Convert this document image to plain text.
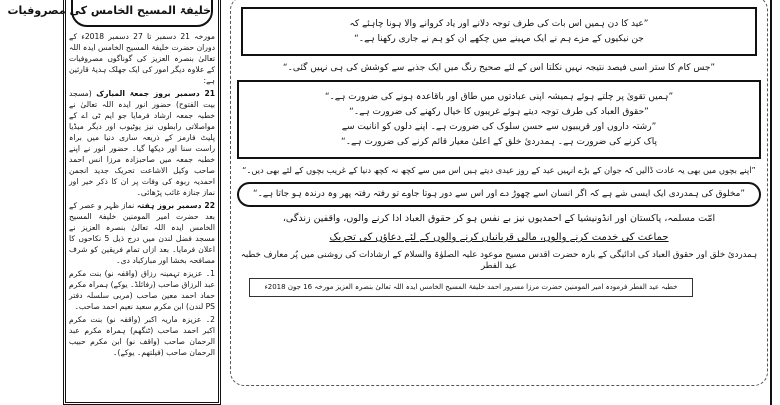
خلیفۃ المسیح الخامس کی مصروفیات

مورخہ 21 دسمبر تا 27 دسمبر 2018ء کے دوران حضرت خلیفۃ المسیح الخامس ایدہ اللہ تعالیٰ بنصرہ العزیز کی گوناگوں مصروفیات کے علاوہ دیگر امور کی ایک جھلک ہدیۂ قارئین ہے:

21 دسمبر بروز جمعۃ المبارک (مسجد بیت الفتوح) حضور انور ایدہ اللہ تعالیٰ نے خطبہ جمعہ ارشاد فرمایا جو ایم ٹی اے کے مواصلاتی رابطوں نیز یوٹیوب اور دیگر میڈیا پلیٹ فارمز کے ذریعہ ساری دنیا میں براہ راست سنا اور دیکھا گیا۔ حضور انور نے اپنے خطبہ جمعہ میں صاحبزادہ مرزا انس احمد صاحب وکیل الاشاعت تحریک جدید انجمن احمدیہ ربوہ کی وفات پر ان کا ذکر خیر اور نماز جنازہ غائب پڑھائی۔

22 دسمبر بروز ہفتہ نماز ظہر و عصر کے بعد حضرت امیر المومنین خلیفۃ المسیح الخامس ایدہ اللہ تعالیٰ بنصرہ العزیز نے مسجد فضل لندن میں درج ذیل 5 نکاحوں کا اعلان فرمایا۔ بعد ازاں تمام فریقین کو شرف مصافحہ بخشا اور مبارکباد دی۔

1۔ عزیزہ تہمینہ رزاق (واقفہ نو) بنت مکرم عبد الرزاق صاحب (رفائلڈ۔ یوکے) ہمراہ مکرم حماد احمد معین صاحب (مربی سلسلہ دفتر PS لندن) ابن مکرم سعید نعیم احمد صاحب۔

2۔ عزیزہ ماریہ اکبر (واقفہ نو) بنت مکرم اکبر احمد صاحب (ٹنگھم) ہمراہ مکرم عبد الرحمان صاحب (واقف نو) ابن مکرم حبیب الرحمان صاحب (فیلتھم۔ یوکے)۔

”عید کا دن ہمیں اس بات کی طرف توجہ دلانے اور یاد کروانے والا ہونا چاہئے کہ
جن نیکیوں کے مزے ہم نے ایک مہینے میں چکھے ان کو ہم نے جاری رکھنا ہے۔“
”جس کام کا ستر اسی فیصد نتیجہ نہیں نکلتا اس کے لئے صحیح رنگ میں ایک جذبے سے کوشش کی ہی نہیں گئی۔“
”ہمیں تقویٰ پر چلتے ہوئے ہمیشہ اپنی عبادتوں میں طاق اور باقاعدہ ہونے کی ضرورت ہے۔“
”حقوق العباد کی طرف توجہ دیتے ہوئے غریبوں کا خیال رکھنے کی ضرورت ہے۔“
”رشتہ داروں اور قریبیوں سے حسن سلوک کی ضرورت ہے۔ اپنے دلوں کو انانیت سے
پاک کرنے کی ضرورت ہے۔ ہمدردیٔ خلق کے اعلیٰ معیار قائم کرنے کی ضرورت ہے۔“
”اپنے بچوں میں بھی یہ عادت ڈالیں کہ جوان کے بڑے انہیں عید کے روز عیدی دیتے ہیں اس میں سے کچھ نہ کچھ دنیا کے غریب بچوں کے لئے بھی دیں۔“
”مخلوق کی ہمدردی ایک ایسی شے ہے کہ اگر انسان اسے چھوڑ دے اور اس سے دور ہوتا جاوے تو رفتہ رفتہ پھر وہ درندہ ہو جاتا ہے۔“
امّت مسلمہ، پاکستان اور انڈونیشیا کے احمدیوں نیز بے نفس ہو کر حقوق العباد ادا کرنے والوں، واقفین زندگی،
جماعت کی خدمت کرنے والوں، مالی قربانیاں کرنے والوں کے لئے دعاؤں کی تحریک
ہمدردیٔ خلق اور حقوق العباد کی ادائیگی کے بارہ حضرت اقدس مسیح موعود علیہ الصلوٰۃ والسلام کے ارشادات کی روشنی میں پُر معارف خطبہ عید الفطر
خطبہ عید الفطر فرمودہ امیر المومنین حضرت مرزا مسرور احمد خلیفۃ المسیح الخامس ایدہ اللہ تعالیٰ بنصرہ العزیز مورخہ 16 جون 2018ء
